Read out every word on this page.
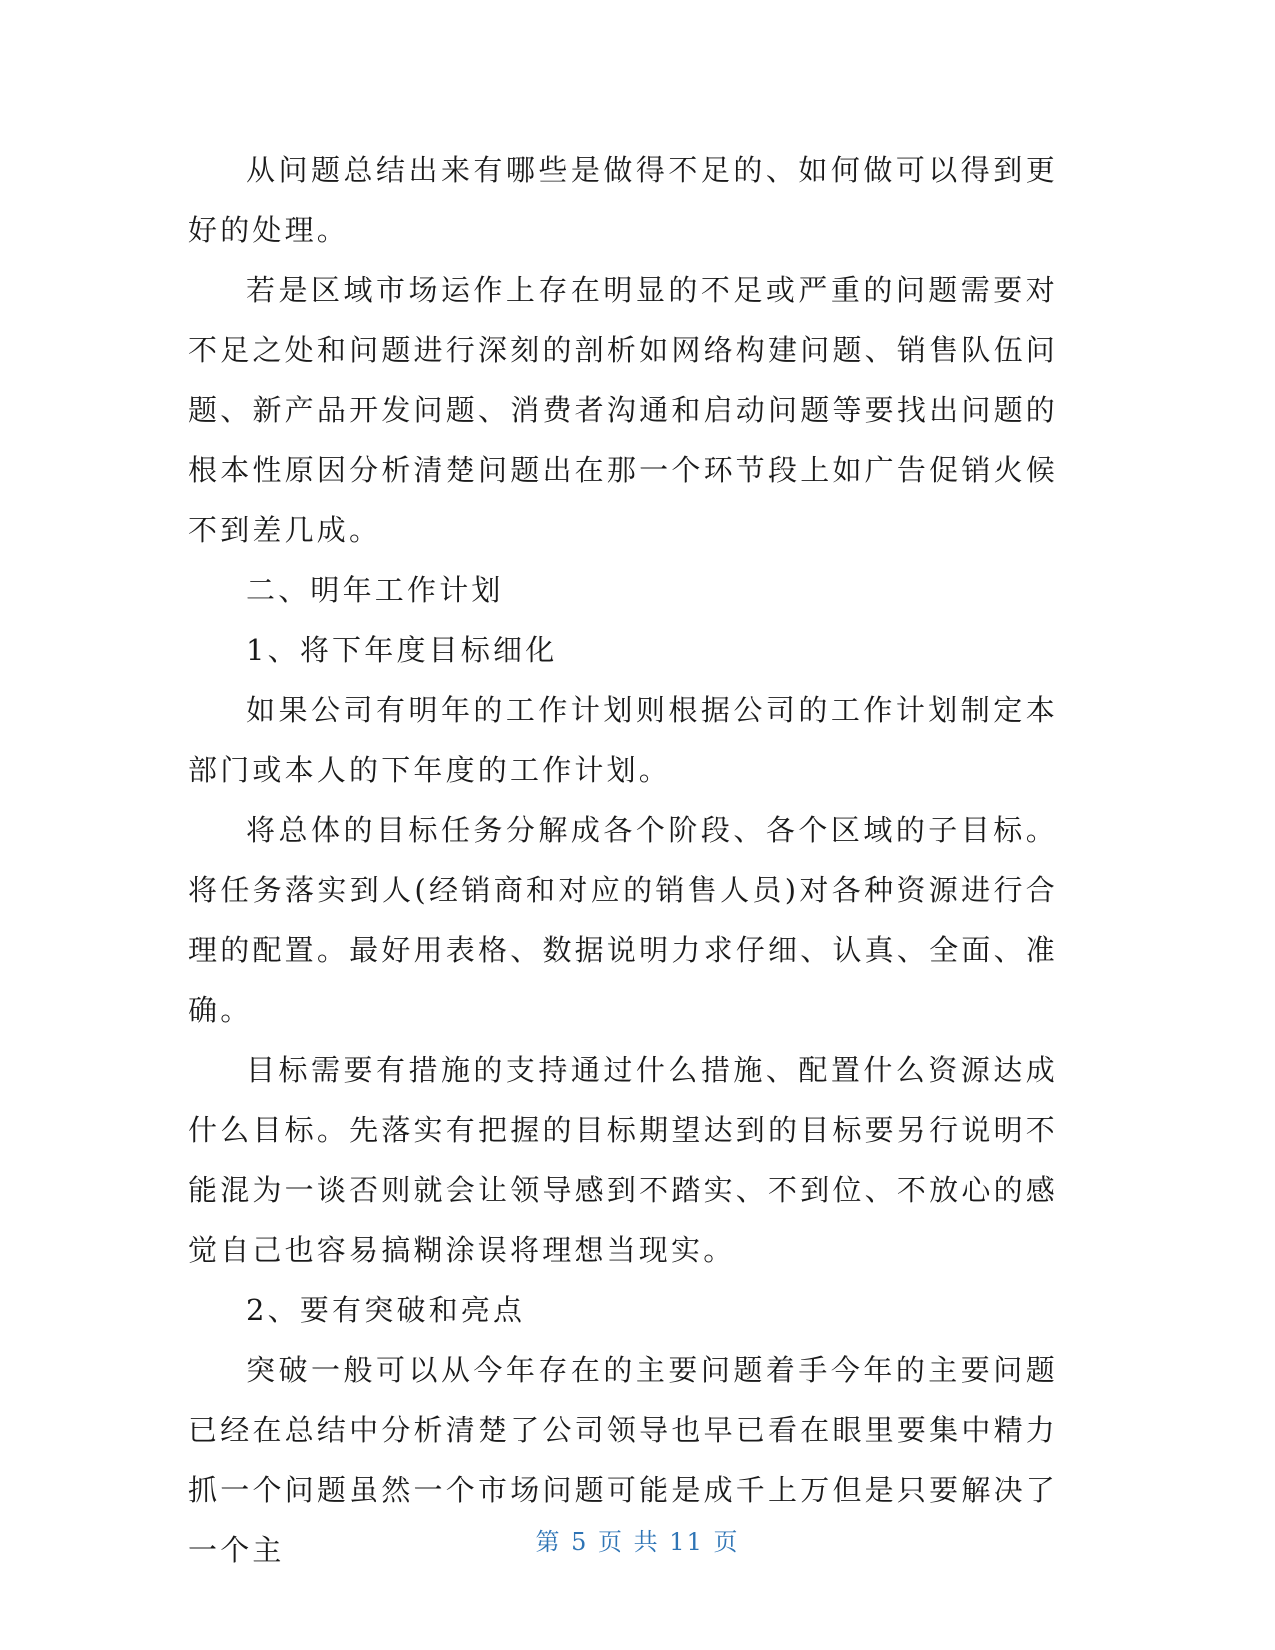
从问题总结出来有哪些是做得不足的、如何做可以得到更好的处理。

若是区域市场运作上存在明显的不足或严重的问题需要对不足之处和问题进行深刻的剖析如网络构建问题、销售队伍问题、新产品开发问题、消费者沟通和启动问题等要找出问题的根本性原因分析清楚问题出在那一个环节段上如广告促销火候不到差几成。

二、明年工作计划

1、将下年度目标细化

如果公司有明年的工作计划则根据公司的工作计划制定本部门或本人的下年度的工作计划。

将总体的目标任务分解成各个阶段、各个区域的子目标。将任务落实到人(经销商和对应的销售人员)对各种资源进行合理的配置。最好用表格、数据说明力求仔细、认真、全面、准确。

目标需要有措施的支持通过什么措施、配置什么资源达成什么目标。先落实有把握的目标期望达到的目标要另行说明不能混为一谈否则就会让领导感到不踏实、不到位、不放心的感觉自己也容易搞糊涂误将理想当现实。

2、要有突破和亮点

突破一般可以从今年存在的主要问题着手今年的主要问题已经在总结中分析清楚了公司领导也早已看在眼里要集中精力抓一个问题虽然一个市场问题可能是成千上万但是只要解决了一个主	第 5 页 共 11 页
